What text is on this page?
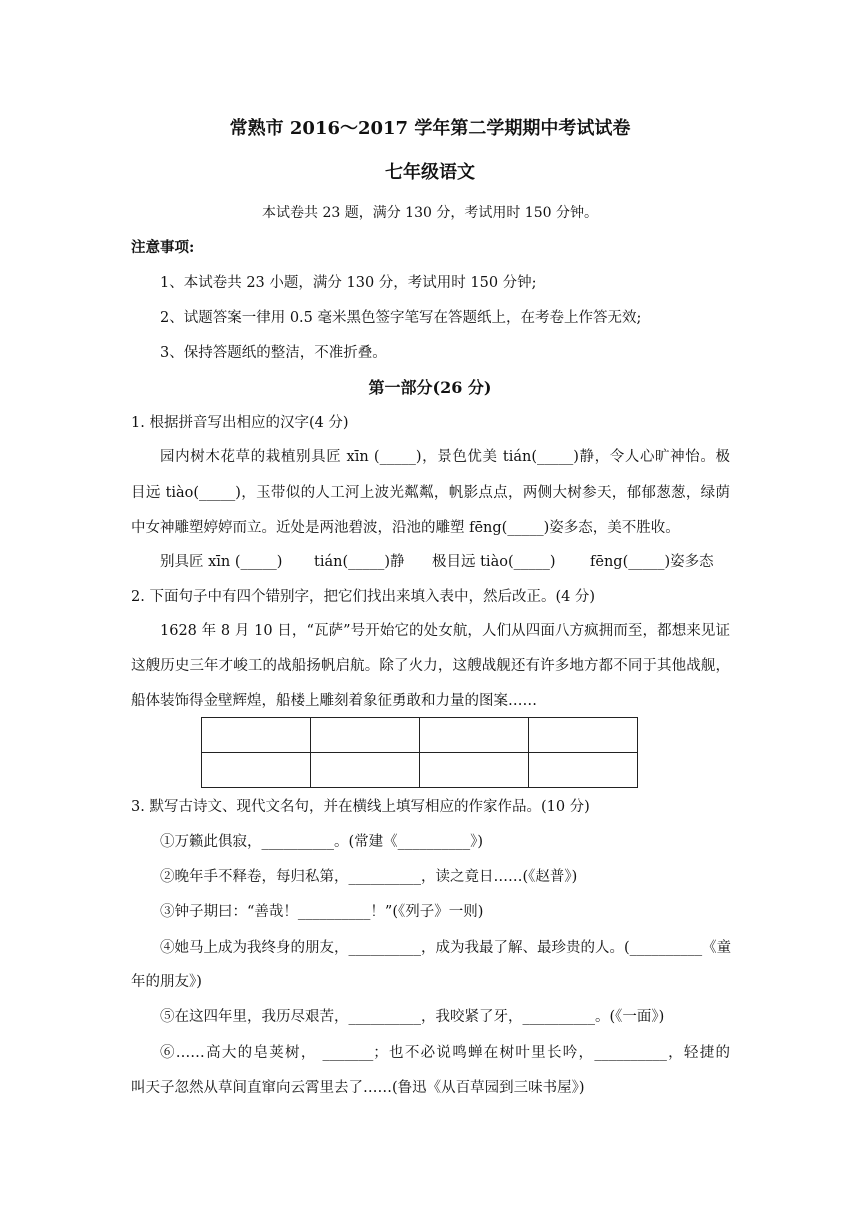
常熟市 2016～2017 学年第二学期期中考试试卷
七年级语文
本试卷共 23 题，满分 130 分，考试用时 150 分钟。
注意事项:
1、本试卷共 23 小题，满分 130 分，考试用时 150 分钟;
2、试题答案一律用 0.5 毫米黑色签字笔写在答题纸上，在考卷上作答无效;
3、保持答题纸的整洁，不准折叠。
第一部分(26 分)
1. 根据拼音写出相应的汉字(4 分)
园内树木花草的栽植别具匠 xīn (_____)，景色优美 tián(_____)静，令人心旷神怡。极
目远 tiào(_____)，玉带似的人工河上波光粼粼，帆影点点，两侧大树参天，郁郁葱葱，绿荫
中女神雕塑婷婷而立。近处是两池碧波，沿池的雕塑 fēng(_____)姿多态，美不胜收。
别具匠 xīn (_____) tián(_____)静 极目远 tiào(_____) fēng(_____)姿多态
2. 下面句子中有四个错别字，把它们找出来填入表中，然后改正。(4 分)
1628 年 8 月 10 日，“瓦萨”号开始它的处女航，人们从四面八方疯拥而至，都想来见证
这艘历史三年才峻工的战船扬帆启航。除了火力，这艘战舰还有许多地方都不同于其他战舰，
船体装饰得金壁辉煌，船楼上雕刻着象征勇敢和力量的图案……

3. 默写古诗文、现代文名句，并在横线上填写相应的作家作品。(10 分)
①万籁此俱寂，__________。(常建《__________》)
②晚年手不释卷，每归私第，__________，读之竟日……(《赵普》)
③钟子期曰：“善哉！__________！”(《列子》一则)
④她马上成为我终身的朋友，__________，成为我最了解、最珍贵的人。(__________《童
年的朋友》)
⑤在这四年里，我历尽艰苦，__________，我咬紧了牙，__________。(《一面》)
⑥……高大的皂荚树， _______；也不必说鸣蝉在树叶里长吟，__________，轻捷的
叫天子忽然从草间直窜向云霄里去了……(鲁迅《从百草园到三味书屋》)
